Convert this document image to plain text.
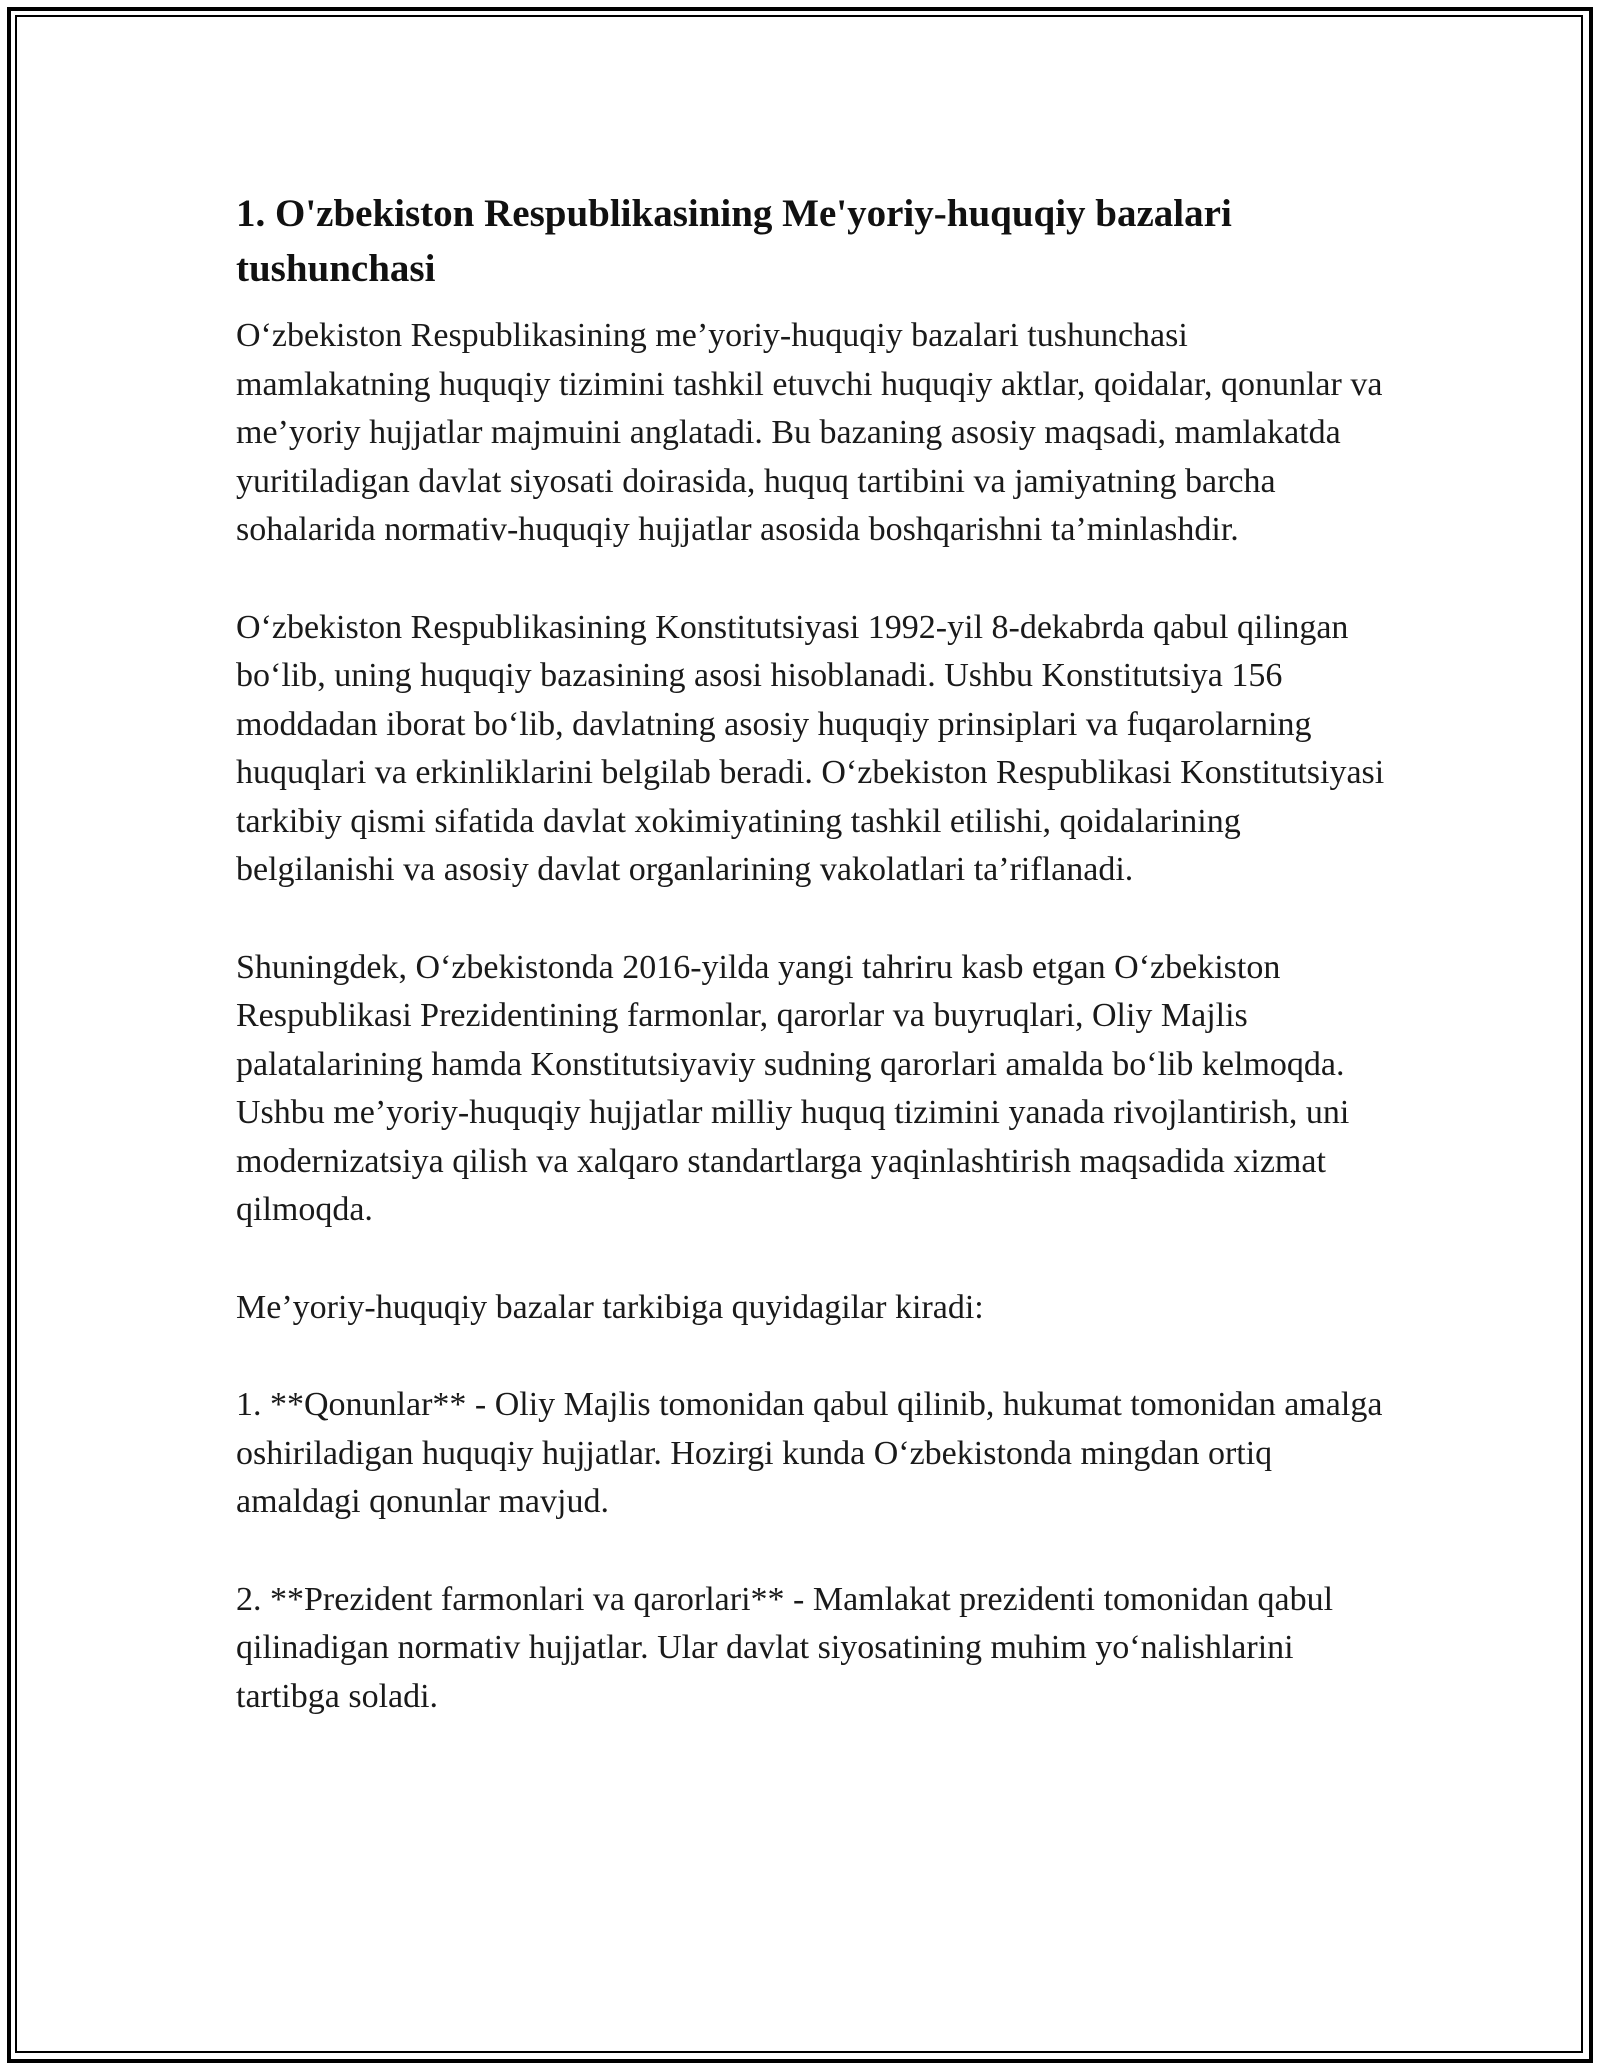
1. O'zbekiston Respublikasining Me'yoriy-huquqiy bazalari tushunchasi

O‘zbekiston Respublikasining me’yoriy-huquqiy bazalari tushunchasi mamlakatning huquqiy tizimini tashkil etuvchi huquqiy aktlar, qoidalar, qonunlar va me’yoriy hujjatlar majmuini anglatadi. Bu bazaning asosiy maqsadi, mamlakatda yuritiladigan davlat siyosati doirasida, huquq tartibini va jamiyatning barcha sohalarida normativ-huquqiy hujjatlar asosida boshqarishni ta’minlashdir.

O‘zbekiston Respublikasining Konstitutsiyasi 1992-yil 8-dekabrda qabul qilingan bo‘lib, uning huquqiy bazasining asosi hisoblanadi. Ushbu Konstitutsiya 156 moddadan iborat bo‘lib, davlatning asosiy huquqiy prinsiplari va fuqarolarning huquqlari va erkinliklarini belgilab beradi. O‘zbekiston Respublikasi Konstitutsiyasi tarkibiy qismi sifatida davlat xokimiyatining tashkil etilishi, qoidalarining belgilanishi va asosiy davlat organlarining vakolatlari ta’riflanadi.

Shuningdek, O‘zbekistonda 2016-yilda yangi tahriru kasb etgan O‘zbekiston Respublikasi Prezidentining farmonlar, qarorlar va buyruqlari, Oliy Majlis palatalarining hamda Konstitutsiyaviy sudning qarorlari amalda bo‘lib kelmoqda. Ushbu me’yoriy-huquqiy hujjatlar milliy huquq tizimini yanada rivojlantirish, uni modernizatsiya qilish va xalqaro standartlarga yaqinlashtirish maqsadida xizmat qilmoqda.

Me’yoriy-huquqiy bazalar tarkibiga quyidagilar kiradi:

1. **Qonunlar** - Oliy Majlis tomonidan qabul qilinib, hukumat tomonidan amalga oshiriladigan huquqiy hujjatlar. Hozirgi kunda O‘zbekistonda mingdan ortiq amaldagi qonunlar mavjud.

2. **Prezident farmonlari va qarorlari** - Mamlakat prezidenti tomonidan qabul qilinadigan normativ hujjatlar. Ular davlat siyosatining muhim yo‘nalishlarini tartibga soladi.
